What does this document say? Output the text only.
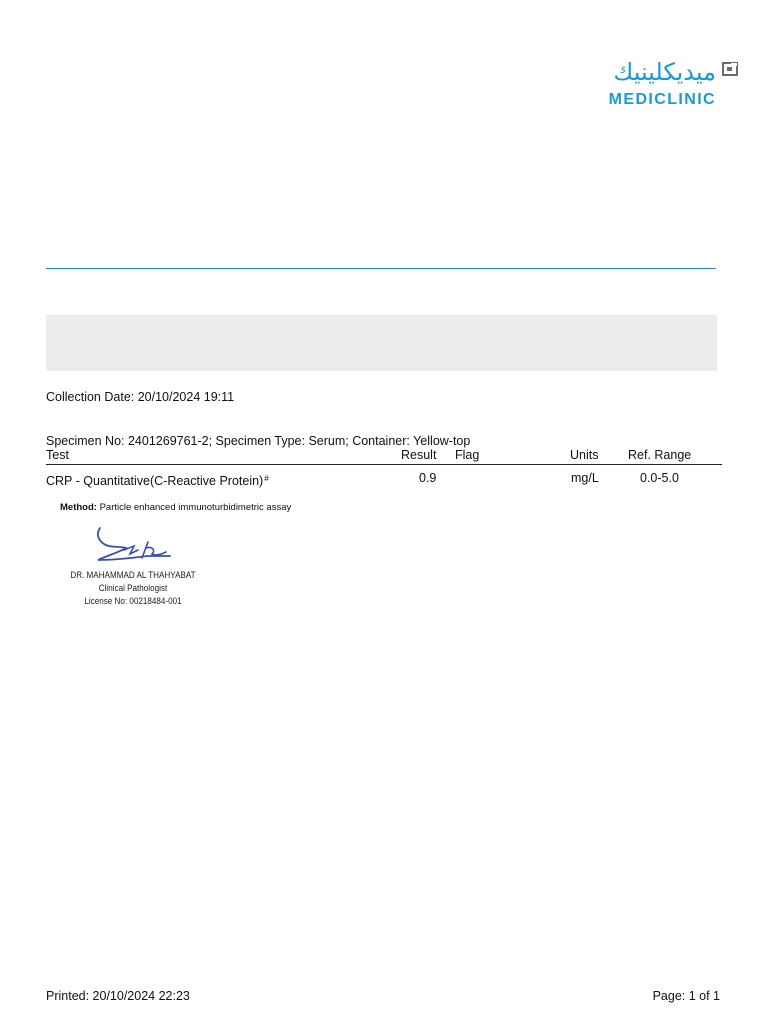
ميديكلينيك
MEDICLINIC
Collection Date: 20/10/2024 19:11
Specimen No: 2401269761-2; Specimen Type: Serum; Container: Yellow-top
Test	Result Flag	Units Ref. Range
CRP - Quantitative(C-Reactive Protein)#	0.9	mg/L	0.0-5.0
Method: Particle enhanced immunoturbidimetric assay
DR. MAHAMMAD AL THAHYABAT
Clinical Pathologist
License No: 00218484-001
Printed: 20/10/2024 22:23	Page: 1 of 1
